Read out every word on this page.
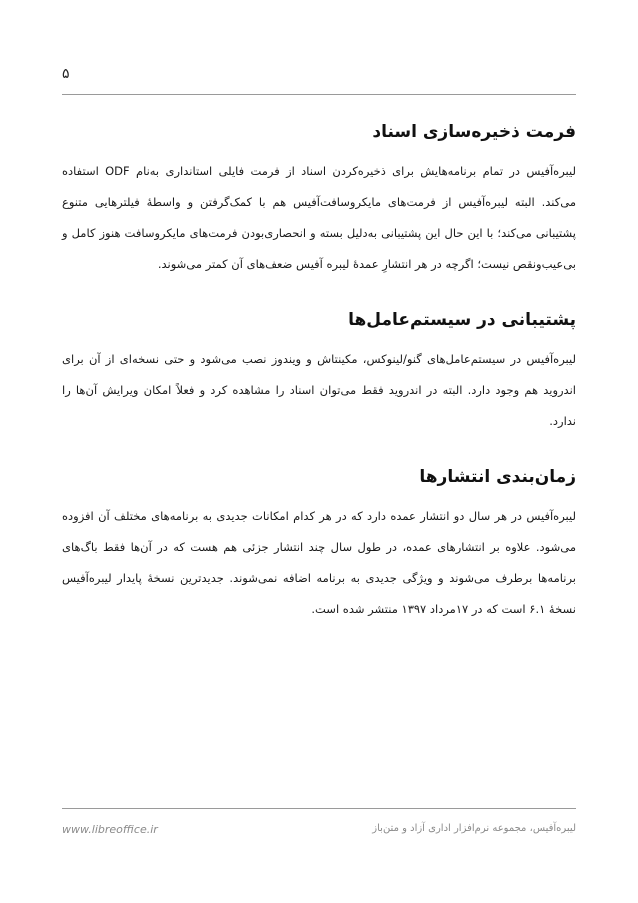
۵
فرمت ذخیره‌سازی اسناد

لیبره‌آفیس در تمام برنامه‌هایش برای ذخیره‌کردن اسناد از فرمت فایلی استانداری به‌نام ODF استفاده می‌کند. البته لیبره‌آفیس از فرمت‌های مایکروسافت‌آفیس هم با کمک‌گرفتن و واسطهٔ فیلترهایی متنوع پشتیبانی می‌کند؛ با این حال این پشتیبانی به‌دلیل بسته و انحصاری‌بودن فرمت‌های مایکروسافت هنوز کامل و بی‌عیب‌ونقص نیست؛ اگرچه در هر انتشارِ عمدهٔ لیبره آفیس ضعف‌های آن کمتر می‌شوند.

پشتیبانی در سیستم‌عامل‌ها

لیبره‌آفیس در سیستم‌عامل‌های گنو/لینوکس، مکینتاش و ویندوز نصب می‌شود و حتی نسخه‌ای از آن برای اندروید هم وجود دارد. البته در اندروید فقط می‌توان اسناد را مشاهده کرد و فعلاً امکان ویرایش آن‌ها را ندارد.

زمان‌بندی انتشارها

لیبره‌آفیس در هر سال دو انتشار عمده دارد که در هر کدام امکانات جدیدی به برنامه‌های مختلف آن افزوده می‌شود. علاوه بر انتشارهای عمده، در طول سال چند انتشار جزئی هم هست که در آن‌ها فقط باگ‌های برنامه‌ها برطرف می‌شوند و ویژگی جدیدی به برنامه اضافه نمی‌شوند. جدیدترین نسخهٔ پایدار لیبره‌آفیس نسخهٔ ۶.۱ است که در ۱۷مرداد ۱۳۹۷ منتشر شده است.

www.libreoffice.ir	لیبره‌آفیس، مجموعه نرم‌افزار اداری آزاد و متن‌باز
